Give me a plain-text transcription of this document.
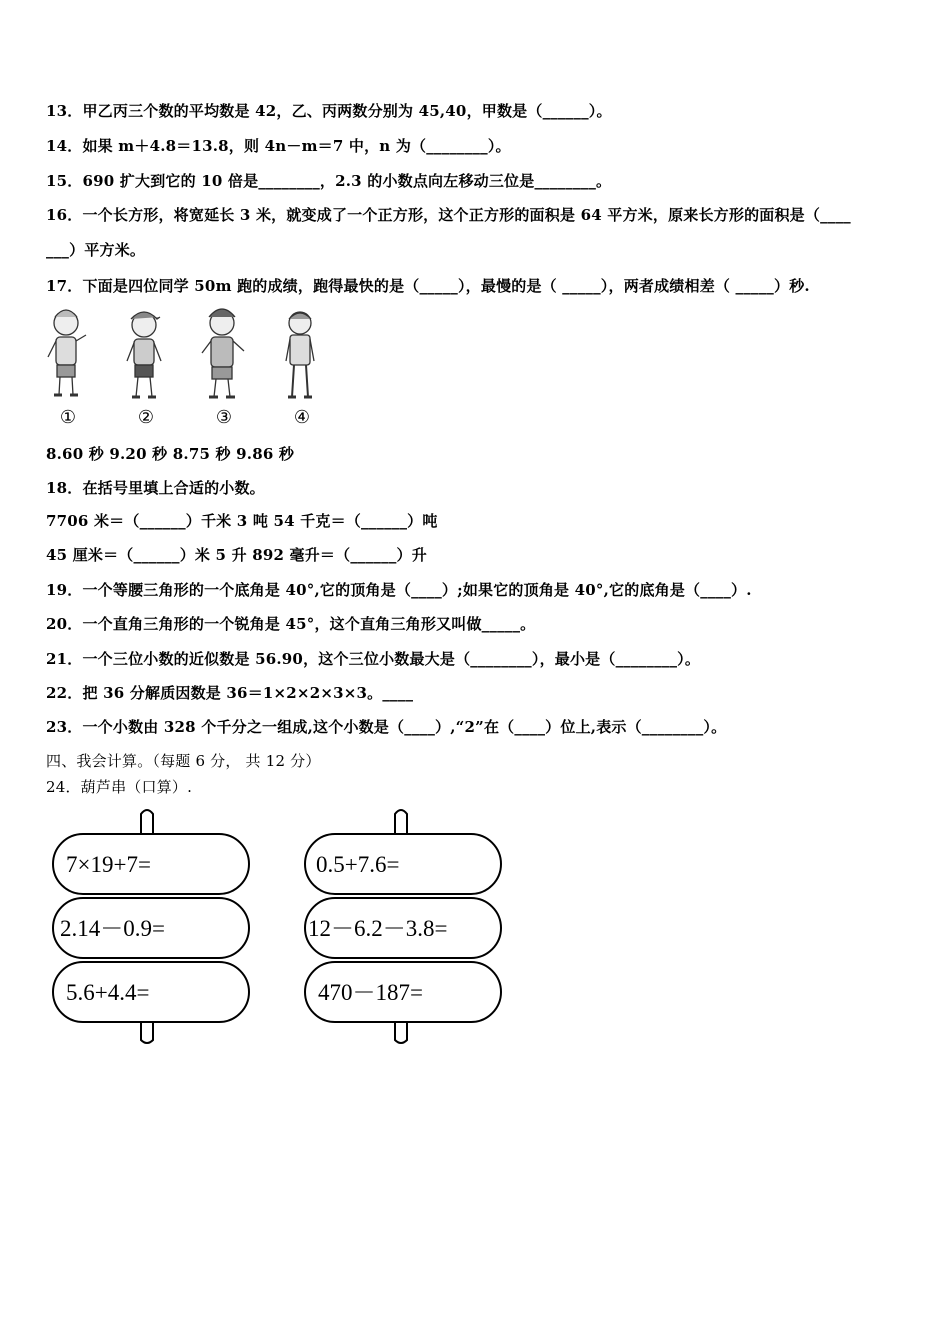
13．甲乙丙三个数的平均数是 42，乙、丙两数分别为 45,40，甲数是（______）。
14．如果 m＋4.8＝13.8，则 4n－m＝7 中，n 为（________）。
15．690 扩大到它的 10 倍是________，2.3 的小数点向左移动三位是________。
16．一个长方形，将宽延长 3 米，就变成了一个正方形，这个正方形的面积是 64 平方米，原来长方形的面积是（____
___）平方米。
17．下面是四位同学 50m 跑的成绩，跑得最快的是（_____），最慢的是（ _____），两者成绩相差（ _____）秒.
①	②	③	④
8.60 秒 9.20 秒 8.75 秒 9.86 秒
18．在括号里填上合适的小数。
7706 米＝（______）千米 3 吨 54 千克＝（______）吨
45 厘米＝（______）米 5 升 892 毫升＝（______）升
19．一个等腰三角形的一个底角是 40°,它的顶角是（____）;如果它的顶角是 40°,它的底角是（____）.
20．一个直角三角形的一个锐角是 45°，这个直角三角形又叫做_____。
21．一个三位小数的近似数是 56.90，这个三位小数最大是（________），最小是（________）。
22．把 36 分解质因数是 36＝1×2×2×3×3。____
23．一个小数由 328 个千分之一组成,这个小数是（____）,“2”在（____）位上,表示（________）。
四、我会计算。（每题 6 分， 共 12 分）
24．葫芦串（口算）.
7×19+7=
2.14－0.9=
5.6+4.4=
0.5+7.6=
12－6.2－3.8=
470－187=
